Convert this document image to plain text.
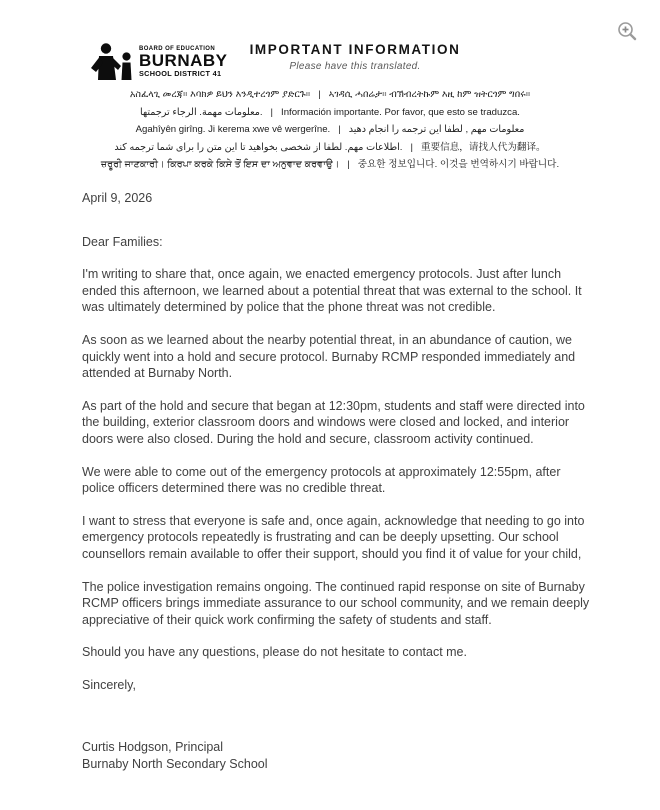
BOARD OF EDUCATION
BURNABY
SCHOOL DISTRICT 41
IMPORTANT INFORMATION
Please have this translated.
አስፈላጊ መረጃ። እባክዎ ይህን እንዲተረጎም ያድርጉ።   |   ኣገዳሲ ሓበሬታ። ብኽብረትኩም እዚ ከም ዝትርጎም ግበሩ።
معلومات مهمة. الرجاء ترجمتها.   |   Información importante. Por favor, que esto se traduzca.
Agahîyên girîng. Ji kerema xwe vê wergerîne.   |   معلومات مهم , لطفا این ترجمه را انجام دهید
اطلاعات مهم. لطفا از شخصی بخواهید تا این متن را برای شما ترجمه کند.   |   重要信息，请找人代为翻译。
ਜ਼ਰੂਰੀ ਜਾਣਕਾਰੀ। ਕਿਰਪਾ ਕਰਕੇ ਕਿਸੇ ਤੋਂ ਇਸ ਦਾ ਅਨੁਵਾਦ ਕਰਵਾਉ।   |   중요한 정보입니다. 이것을 번역하시기 바랍니다.
April 9, 2026
Dear Families:

I'm writing to share that, once again, we enacted emergency protocols. Just after lunch ended this afternoon, we learned about a potential threat that was external to the school. It was ultimately determined by police that the phone threat was not credible.

As soon as we learned about the nearby potential threat, in an abundance of caution, we quickly went into a hold and secure protocol. Burnaby RCMP responded immediately and attended at Burnaby North.

As part of the hold and secure that began at 12:30pm, students and staff were directed into the building, exterior classroom doors and windows were closed and locked, and interior doors were also closed. During the hold and secure, classroom activity continued.

We were able to come out of the emergency protocols at approximately 12:55pm, after police officers determined there was no credible threat.

I want to stress that everyone is safe and, once again, acknowledge that needing to go into emergency protocols repeatedly is frustrating and can be deeply upsetting. Our school counsellors remain available to offer their support, should you find it of value for your child,

The police investigation remains ongoing. The continued rapid response on site of Burnaby RCMP officers brings immediate assurance to our school community, and we remain deeply appreciative of their quick work confirming the safety of students and staff.

Should you have any questions, please do not hesitate to contact me.

Sincerely,
Curtis Hodgson, Principal
Burnaby North Secondary School
